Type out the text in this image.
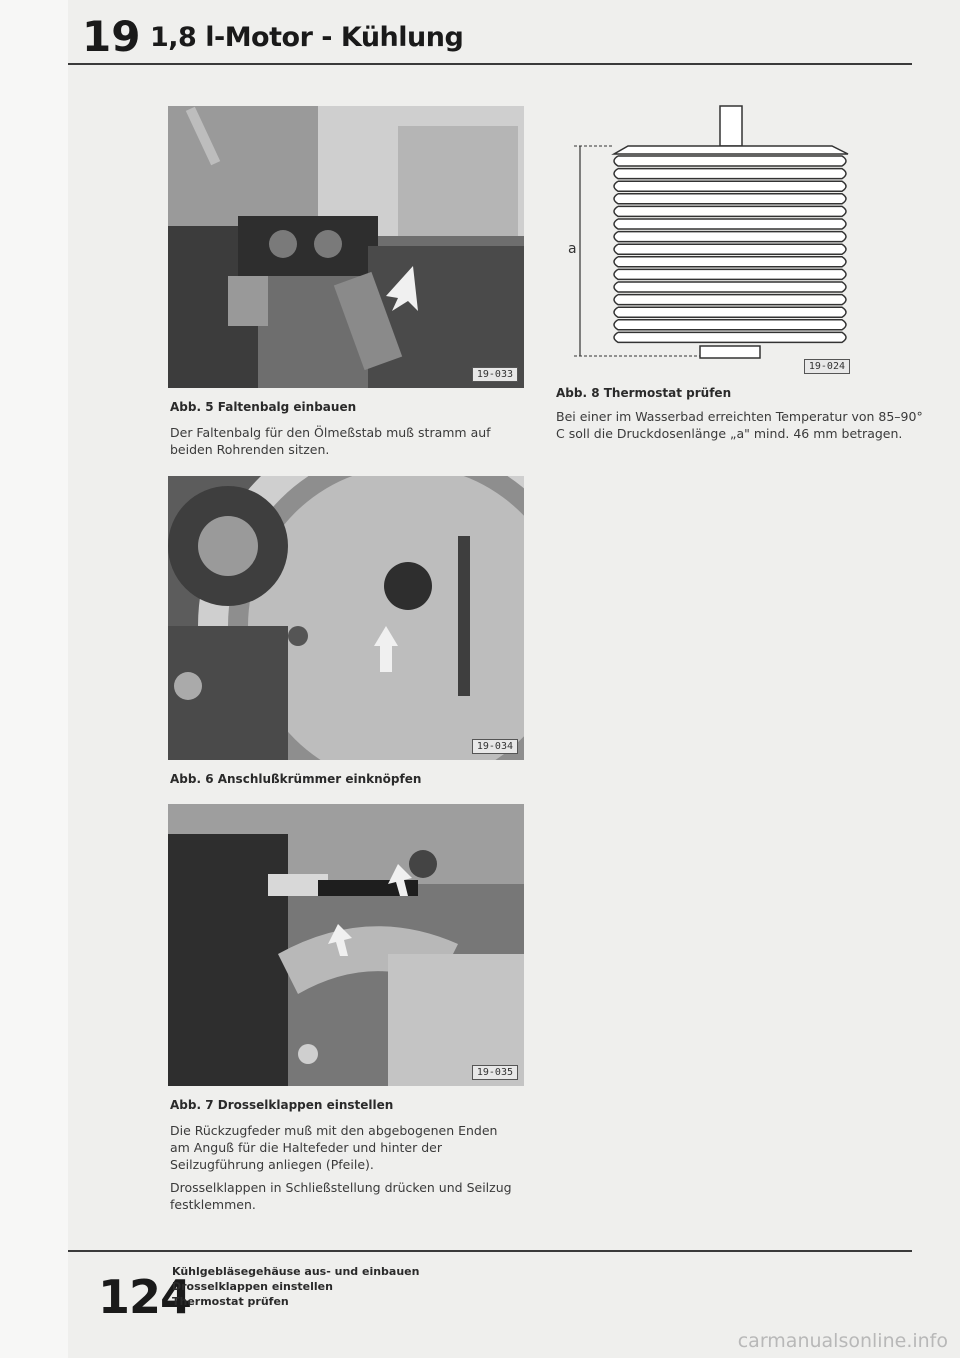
19 1,8 l-Motor - Kühlung
19-033
Abb. 5 Faltenbalg einbauen

Der Faltenbalg für den Ölmeßstab muß stramm auf beiden Rohrenden sitzen.

19-034
Abb. 6 Anschlußkrümmer einknöpfen
19-035
Abb. 7 Drosselklappen einstellen

Die Rückzugfeder muß mit den abgebogenen Enden am Anguß für die Haltefeder und hinter der Seilzugführung anliegen (Pfeile).

Drosselklappen in Schließstellung drücken und Seilzug festklemmen.

a
19-024
Abb. 8 Thermostat prüfen

Bei einer im Wasserbad erreichten Temperatur von 85–90° C soll die Druckdosenlänge „a" mind. 46 mm betragen.

124
Kühlgebläsegehäuse aus- und einbauen
Drosselklappen einstellen
Thermostat prüfen
carmanualsonline.info
